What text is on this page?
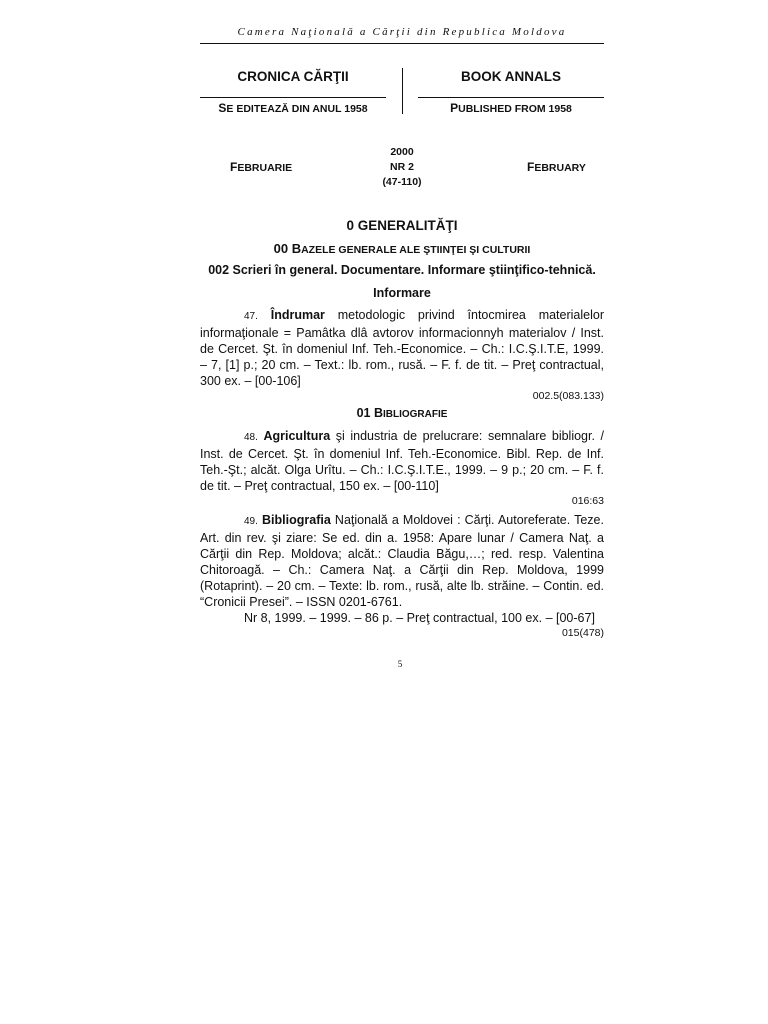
Camera Naţională a Cărţii din Republica Moldova
CRONICA CĂRŢII	BOOK ANNALS
SE EDITEAZĂ DIN ANUL 1958	PUBLISHED FROM 1958
2000
NR 2
(47-110)
FEBRUARIE	FEBRUARY
0 GENERALITĂŢI
00 BAZELE GENERALE ALE ŞTIINŢEI ŞI CULTURII
002 Scrieri în general. Documentare. Informare ştiinţifico-tehnică.
Informare

47. Îndrumar metodologic privind întocmirea materialelor informaţionale = Pamâtka dlâ avtorov informacionnyh materialov / Inst. de Cercet. Şt. în domeniul Inf. Teh.-Economice. – Ch.: I.C.Ş.I.T.E, 1999. – 7, [1] p.; 20 cm. – Text.: lb. rom., rusă. – F. f. de tit. – Preţ contractual, 300 ex. – [00-106]

002.5(083.133)
01 BIBLIOGRAFIE

48. Agricultura şi industria de prelucrare: semnalare bibliogr. / Inst. de Cercet. Şt. în domeniul Inf. Teh.-Economice. Bibl. Rep. de Inf. Teh.-Şt.; alcăt. Olga Urîtu. – Ch.: I.C.Ş.I.T.E., 1999. – 9 p.; 20 cm. – F. f. de tit. – Preţ contractual, 150 ex. – [00-110]

016:63

49. Bibliografia Naţională a Moldovei : Cărţi. Autoreferate. Teze. Art. din rev. şi ziare: Se ed. din a. 1958: Apare lunar / Camera Naţ. a Cărţii din Rep. Moldova; alcăt.: Claudia Băgu,…; red. resp. Valentina Chitoroagă. – Ch.: Camera Naţ. a Cărţii din Rep. Moldova, 1999 (Rotaprint). – 20 cm. – Texte: lb. rom., rusă, alte lb. străine. – Contin. ed. “Cronicii Presei”. – ISSN 0201-6761.

Nr 8, 1999. – 1999. – 86 p. – Preţ contractual, 100 ex. – [00-67]

015(478)
5
